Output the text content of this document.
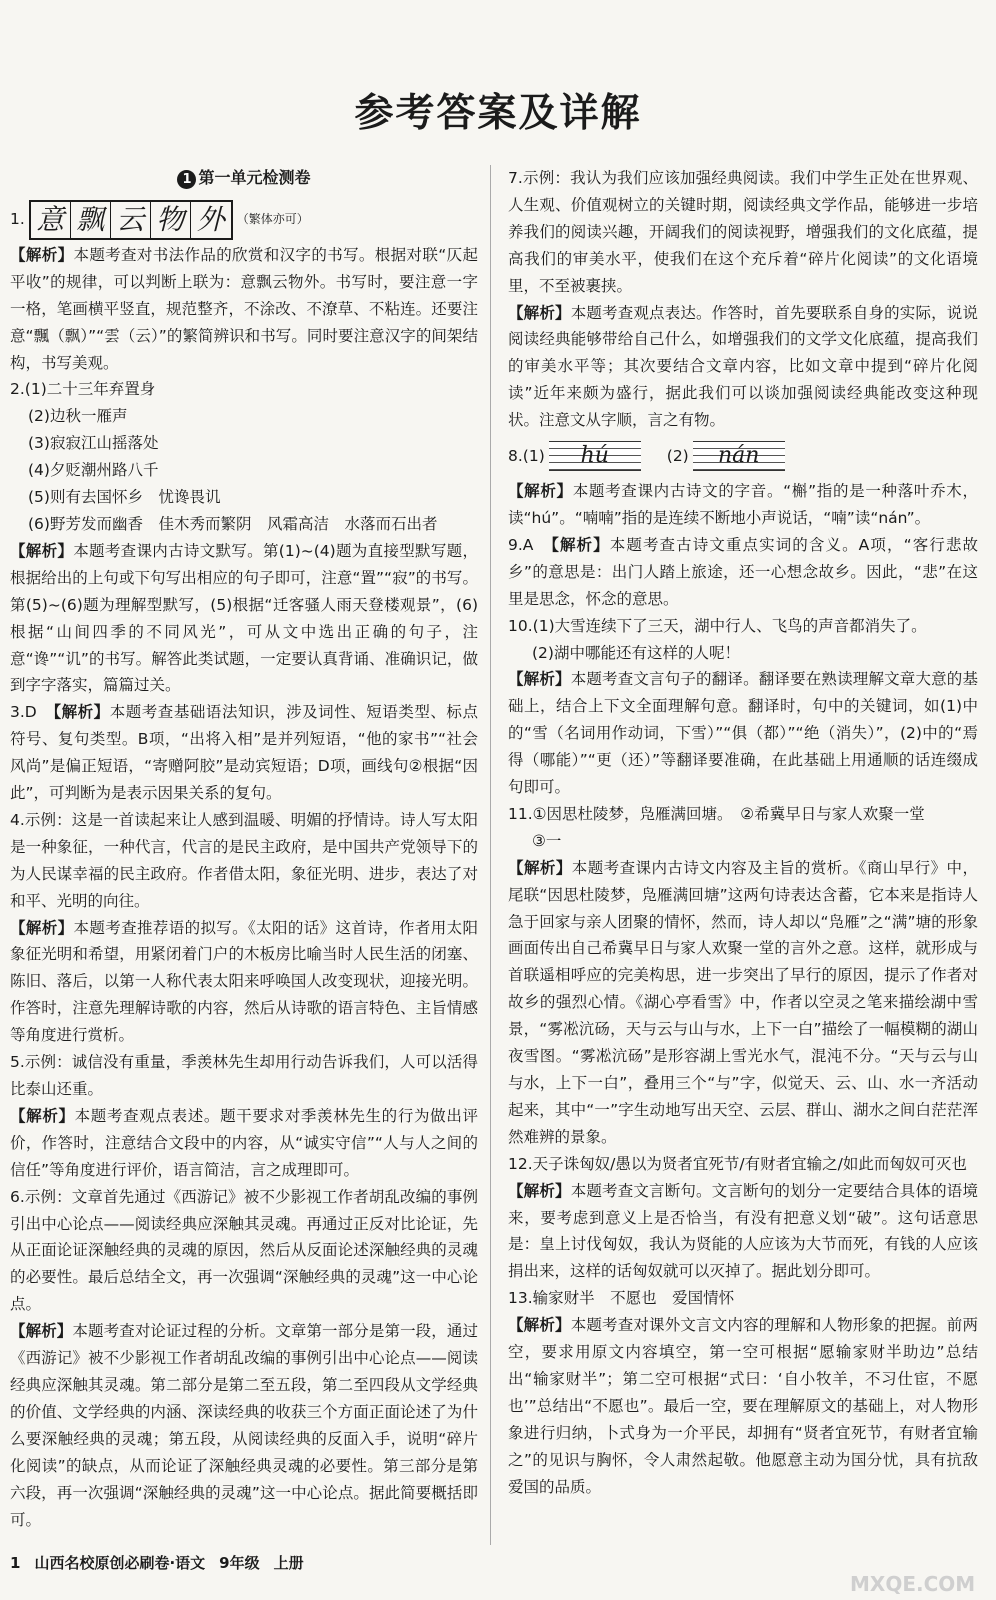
参考答案及详解
1 第一单元检测卷
1. 意 飘 云 物 外	（繁体亦可）

【解析】本题考查对书法作品的欣赏和汉字的书写。根据对联“仄起平收”的规律，可以判断上联为：意飘云物外。书写时，要注意一字一格，笔画横平竖直，规范整齐，不涂改、不潦草、不粘连。还要注意“飄（飘）”“雲（云）”的繁简辨识和书写。同时要注意汉字的间架结构，书写美观。

2.(1)二十三年弃置身

(2)边秋一雁声

(3)寂寂江山摇落处

(4)夕贬潮州路八千

(5)则有去国怀乡　忧谗畏讥

(6)野芳发而幽香　佳木秀而繁阴　风霜高洁　水落而石出者

【解析】本题考查课内古诗文默写。第(1)~(4)题为直接型默写题，根据给出的上句或下句写出相应的句子即可，注意“置”“寂”的书写。第(5)~(6)题为理解型默写，(5)根据“迁客骚人雨天登楼观景”，(6)根据“山间四季的不同风光”，可从文中选出正确的句子，注意“谗”“讥”的书写。解答此类试题，一定要认真背诵、准确识记，做到字字落实，篇篇过关。

3.D　 【解析】本题考查基础语法知识，涉及词性、短语类型、标点符号、复句类型。B项，“出将入相”是并列短语，“他的家书”“社会风尚”是偏正短语，“寄赠阿胶”是动宾短语；D项，画线句②根据“因此”，可判断为是表示因果关系的复句。

4.示例：这是一首读起来让人感到温暖、明媚的抒情诗。诗人写太阳是一种象征，一种代言，代言的是民主政府，是中国共产党领导下的为人民谋幸福的民主政府。作者借太阳，象征光明、进步，表达了对和平、光明的向往。

【解析】本题考查推荐语的拟写。《太阳的话》这首诗，作者用太阳象征光明和希望，用紧闭着门户的木板房比喻当时人民生活的闭塞、陈旧、落后，以第一人称代表太阳来呼唤国人改变现状，迎接光明。作答时，注意先理解诗歌的内容，然后从诗歌的语言特色、主旨情感等角度进行赏析。

5.示例：诚信没有重量，季羡林先生却用行动告诉我们，人可以活得比泰山还重。

【解析】本题考查观点表述。题干要求对季羡林先生的行为做出评价，作答时，注意结合文段中的内容，从“诚实守信”“人与人之间的信任”等角度进行评价，语言简洁，言之成理即可。

6.示例：文章首先通过《西游记》被不少影视工作者胡乱改编的事例引出中心论点——阅读经典应深触其灵魂。再通过正反对比论证，先从正面论证深触经典的灵魂的原因，然后从反面论述深触经典的灵魂的必要性。最后总结全文，再一次强调“深触经典的灵魂”这一中心论点。

【解析】本题考查对论证过程的分析。文章第一部分是第一段，通过《西游记》被不少影视工作者胡乱改编的事例引出中心论点——阅读经典应深触其灵魂。第二部分是第二至五段，第二至四段从文学经典的价值、文学经典的内涵、深读经典的收获三个方面正面论述了为什么要深触经典的灵魂；第五段，从阅读经典的反面入手，说明“碎片化阅读”的缺点，从而论证了深触经典灵魂的必要性。第三部分是第六段，再一次强调“深触经典的灵魂”这一中心论点。据此简要概括即可。

7.示例：我认为我们应该加强经典阅读。我们中学生正处在世界观、人生观、价值观树立的关键时期，阅读经典文学作品，能够进一步培养我们的阅读兴趣，开阔我们的阅读视野，增强我们的文化底蕴，提高我们的审美水平，使我们在这个充斥着“碎片化阅读”的文化语境里，不至被裹挟。

【解析】本题考查观点表达。作答时，首先要联系自身的实际，说说阅读经典能够带给自己什么，如增强我们的文学文化底蕴，提高我们的审美水平等；其次要结合文章内容，比如文章中提到“碎片化阅读”近年来颇为盛行，据此我们可以谈加强阅读经典能改变这种现状。注意文从字顺，言之有物。

8. (1)	hú	(2)	nán

【解析】本题考查课内古诗文的字音。“槲”指的是一种落叶乔木，读“hú”。“喃喃”指的是连续不断地小声说话，“喃”读“nán”。

9.A　 【解析】本题考查古诗文重点实词的含义。A项，“客行悲故乡”的意思是：出门人踏上旅途，还一心想念故乡。因此，“悲”在这里是思念，怀念的意思。

10.(1)大雪连续下了三天，湖中行人、飞鸟的声音都消失了。

(2)湖中哪能还有这样的人呢！

【解析】本题考查文言句子的翻译。翻译要在熟读理解文章大意的基础上，结合上下文全面理解句意。翻译时，句中的关键词，如(1)中的“雪（名词用作动词，下雪）”“俱（都）”“绝（消失）”，(2)中的“焉得（哪能）”“更（还）”等翻译要准确，在此基础上用通顺的话连缀成句即可。

11.①因思杜陵梦，凫雁满回塘。　②希冀早日与家人欢聚一堂

③一

【解析】本题考查课内古诗文内容及主旨的赏析。《商山早行》中，尾联“因思杜陵梦，凫雁满回塘”这两句诗表达含蓄，它本来是指诗人急于回家与亲人团聚的情怀，然而，诗人却以“凫雁”之“满”塘的形象画面传出自己希冀早日与家人欢聚一堂的言外之意。这样，就形成与首联遥相呼应的完美构思，进一步突出了早行的原因，提示了作者对故乡的强烈心情。《湖心亭看雪》中，作者以空灵之笔来描绘湖中雪景，“雾凇沆砀，天与云与山与水，上下一白”描绘了一幅模糊的湖山夜雪图。“雾凇沆砀”是形容湖上雪光水气，混沌不分。“天与云与山与水，上下一白”，叠用三个“与”字，似觉天、云、山、水一齐活动起来，其中“一”字生动地写出天空、云层、群山、湖水之间白茫茫浑然难辨的景象。

12.天子诛匈奴/愚以为贤者宜死节/有财者宜输之/如此而匈奴可灭也

【解析】本题考查文言断句。文言断句的划分一定要结合具体的语境来，要考虑到意义上是否恰当，有没有把意义划“破”。这句话意思是：皇上讨伐匈奴，我认为贤能的人应该为大节而死，有钱的人应该捐出来，这样的话匈奴就可以灭掉了。据此划分即可。

13.输家财半　不愿也　爱国情怀

【解析】本题考查对课外文言文内容的理解和人物形象的把握。前两空，要求用原文内容填空，第一空可根据“愿输家财半助边”总结出“输家财半”；第二空可根据“式曰：‘自小牧羊，不习仕宦，不愿也’”总结出“不愿也”。最后一空，要在理解原文的基础上，对人物形象进行归纳，卜式身为一介平民，却拥有“贤者宜死节，有财者宜输之”的见识与胸怀，令人肃然起敬。他愿意主动为国分忧，具有抗敌爱国的品质。

1 山西名校原创必刷卷·语文 9年级 上册
MXQE.COM
